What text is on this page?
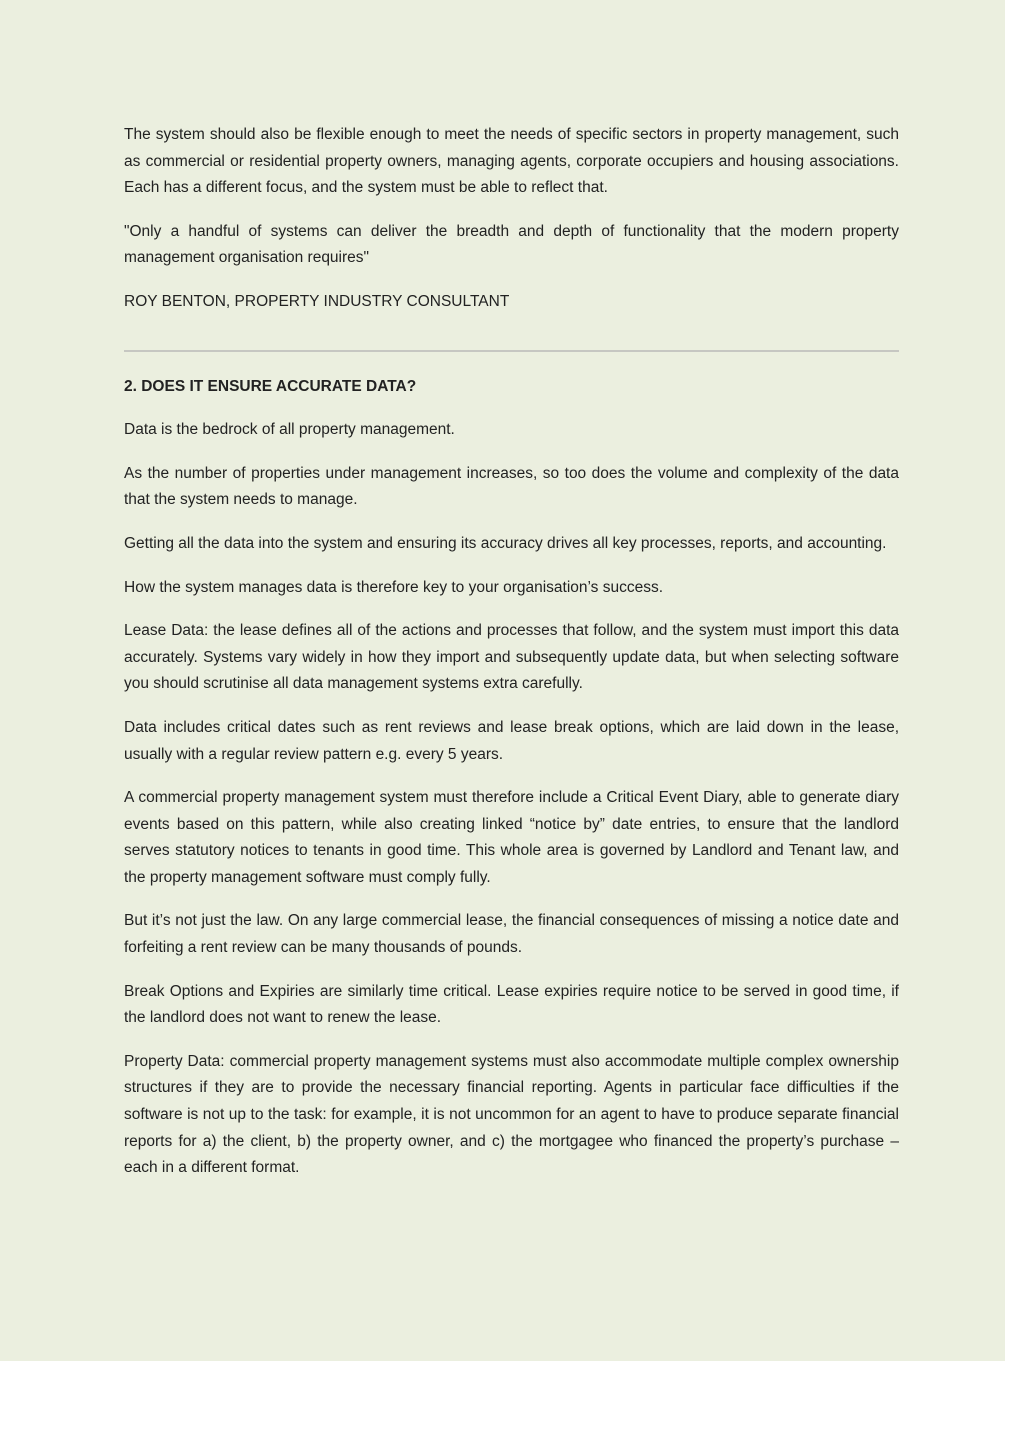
The system should also be flexible enough to meet the needs of specific sectors in property management, such as commercial or residential property owners, managing agents, corporate occupiers and housing associations. Each has a different focus, and the system must be able to reflect that.

"Only a handful of systems can deliver the breadth and depth of functionality that the modern property management organisation requires"

ROY BENTON, PROPERTY INDUSTRY CONSULTANT

2. DOES IT ENSURE ACCURATE DATA?

Data is the bedrock of all property management.

As the number of properties under management increases, so too does the volume and complexity of the data that the system needs to manage.

Getting all the data into the system and ensuring its accuracy drives all key processes, reports, and accounting.

How the system manages data is therefore key to your organisation’s success.

Lease Data: the lease defines all of the actions and processes that follow, and the system must import this data accurately. Systems vary widely in how they import and subsequently update data, but when selecting software you should scrutinise all data management systems extra carefully.

Data includes critical dates such as rent reviews and lease break options, which are laid down in the lease, usually with a regular review pattern e.g. every 5 years.

A commercial property management system must therefore include a Critical Event Diary, able to generate diary events based on this pattern, while also creating linked “notice by” date entries, to ensure that the landlord serves statutory notices to tenants in good time. This whole area is governed by Landlord and Tenant law, and the property management software must comply fully.

But it’s not just the law. On any large commercial lease, the financial consequences of missing a notice date and forfeiting a rent review can be many thousands of pounds.

Break Options and Expiries are similarly time critical. Lease expiries require notice to be served in good time, if the landlord does not want to renew the lease.

Property Data: commercial property management systems must also accommodate multiple complex ownership structures if they are to provide the necessary financial reporting. Agents in particular face difficulties if the software is not up to the task: for example, it is not uncommon for an agent to have to produce separate financial reports for a) the client, b) the property owner, and c) the mortgagee who financed the property’s purchase – each in a different format.
